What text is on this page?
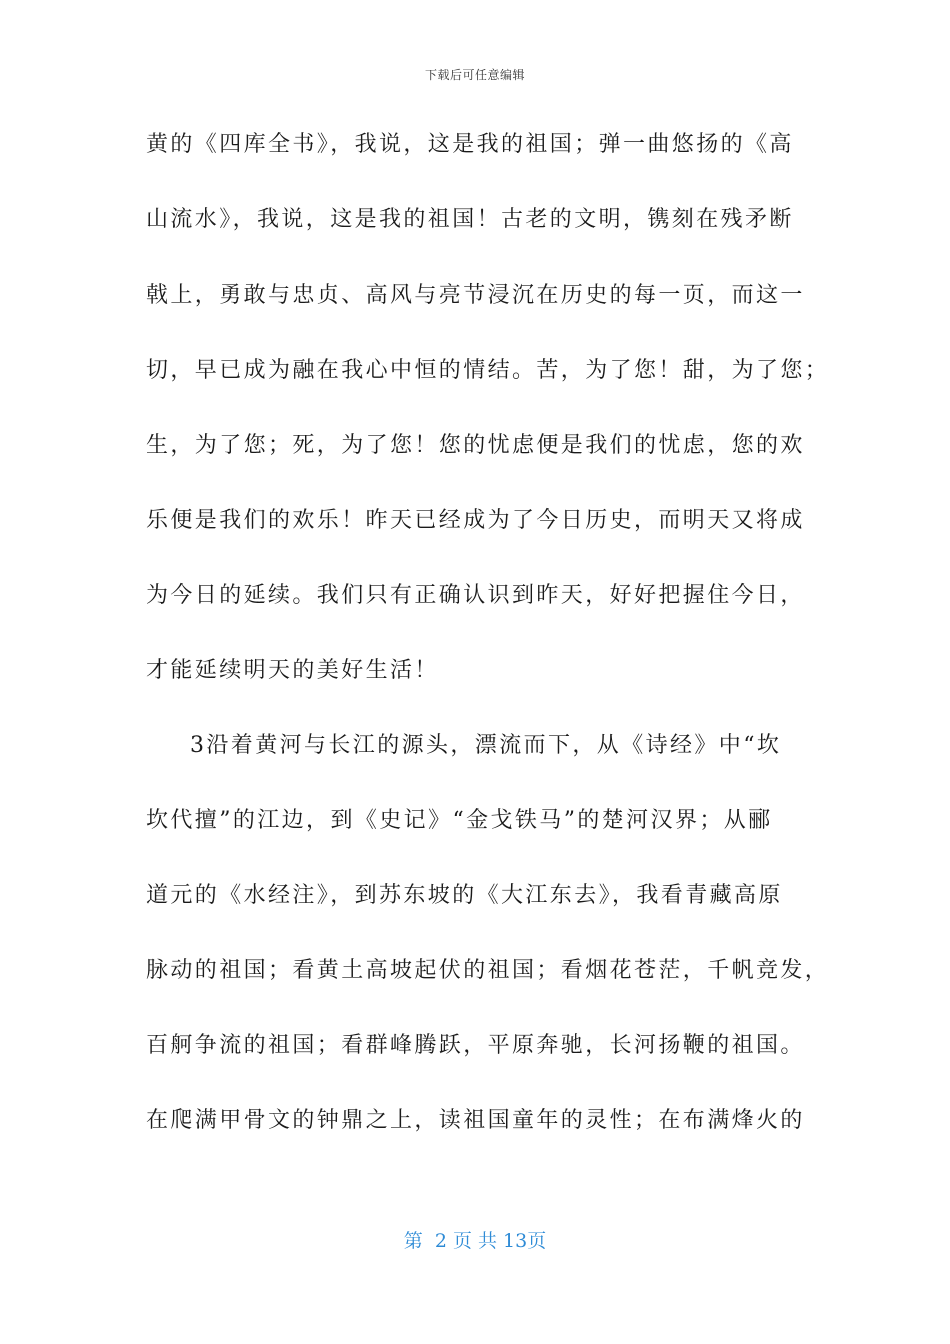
下载后可任意编辑
黄的《四库全书》，我说，这是我的祖国；弹一曲悠扬的《高
山流水》，我说，这是我的祖国！古老的文明，镌刻在残矛断
戟上，勇敢与忠贞、高风与亮节浸沉在历史的每一页，而这一
切，早已成为融在我心中恒的情结。苦，为了您！甜，为了您；
生，为了您；死，为了您！您的忧虑便是我们的忧虑，您的欢
乐便是我们的欢乐！昨天已经成为了今日历史，而明天又将成
为今日的延续。我们只有正确认识到昨天，好好把握住今日，
才能延续明天的美好生活！
3沿着黄河与长江的源头，漂流而下，从《诗经》中“坎
坎代擅”的江边，到《史记》“金戈铁马”的楚河汉界；从郦
道元的《水经注》，到苏东坡的《大江东去》，我看青藏高原
脉动的祖国；看黄土高坡起伏的祖国；看烟花苍茫，千帆竞发，
百舸争流的祖国；看群峰腾跃，平原奔驰，长河扬鞭的祖国。
在爬满甲骨文的钟鼎之上，读祖国童年的灵性；在布满烽火的
第  2 页 共 13页
